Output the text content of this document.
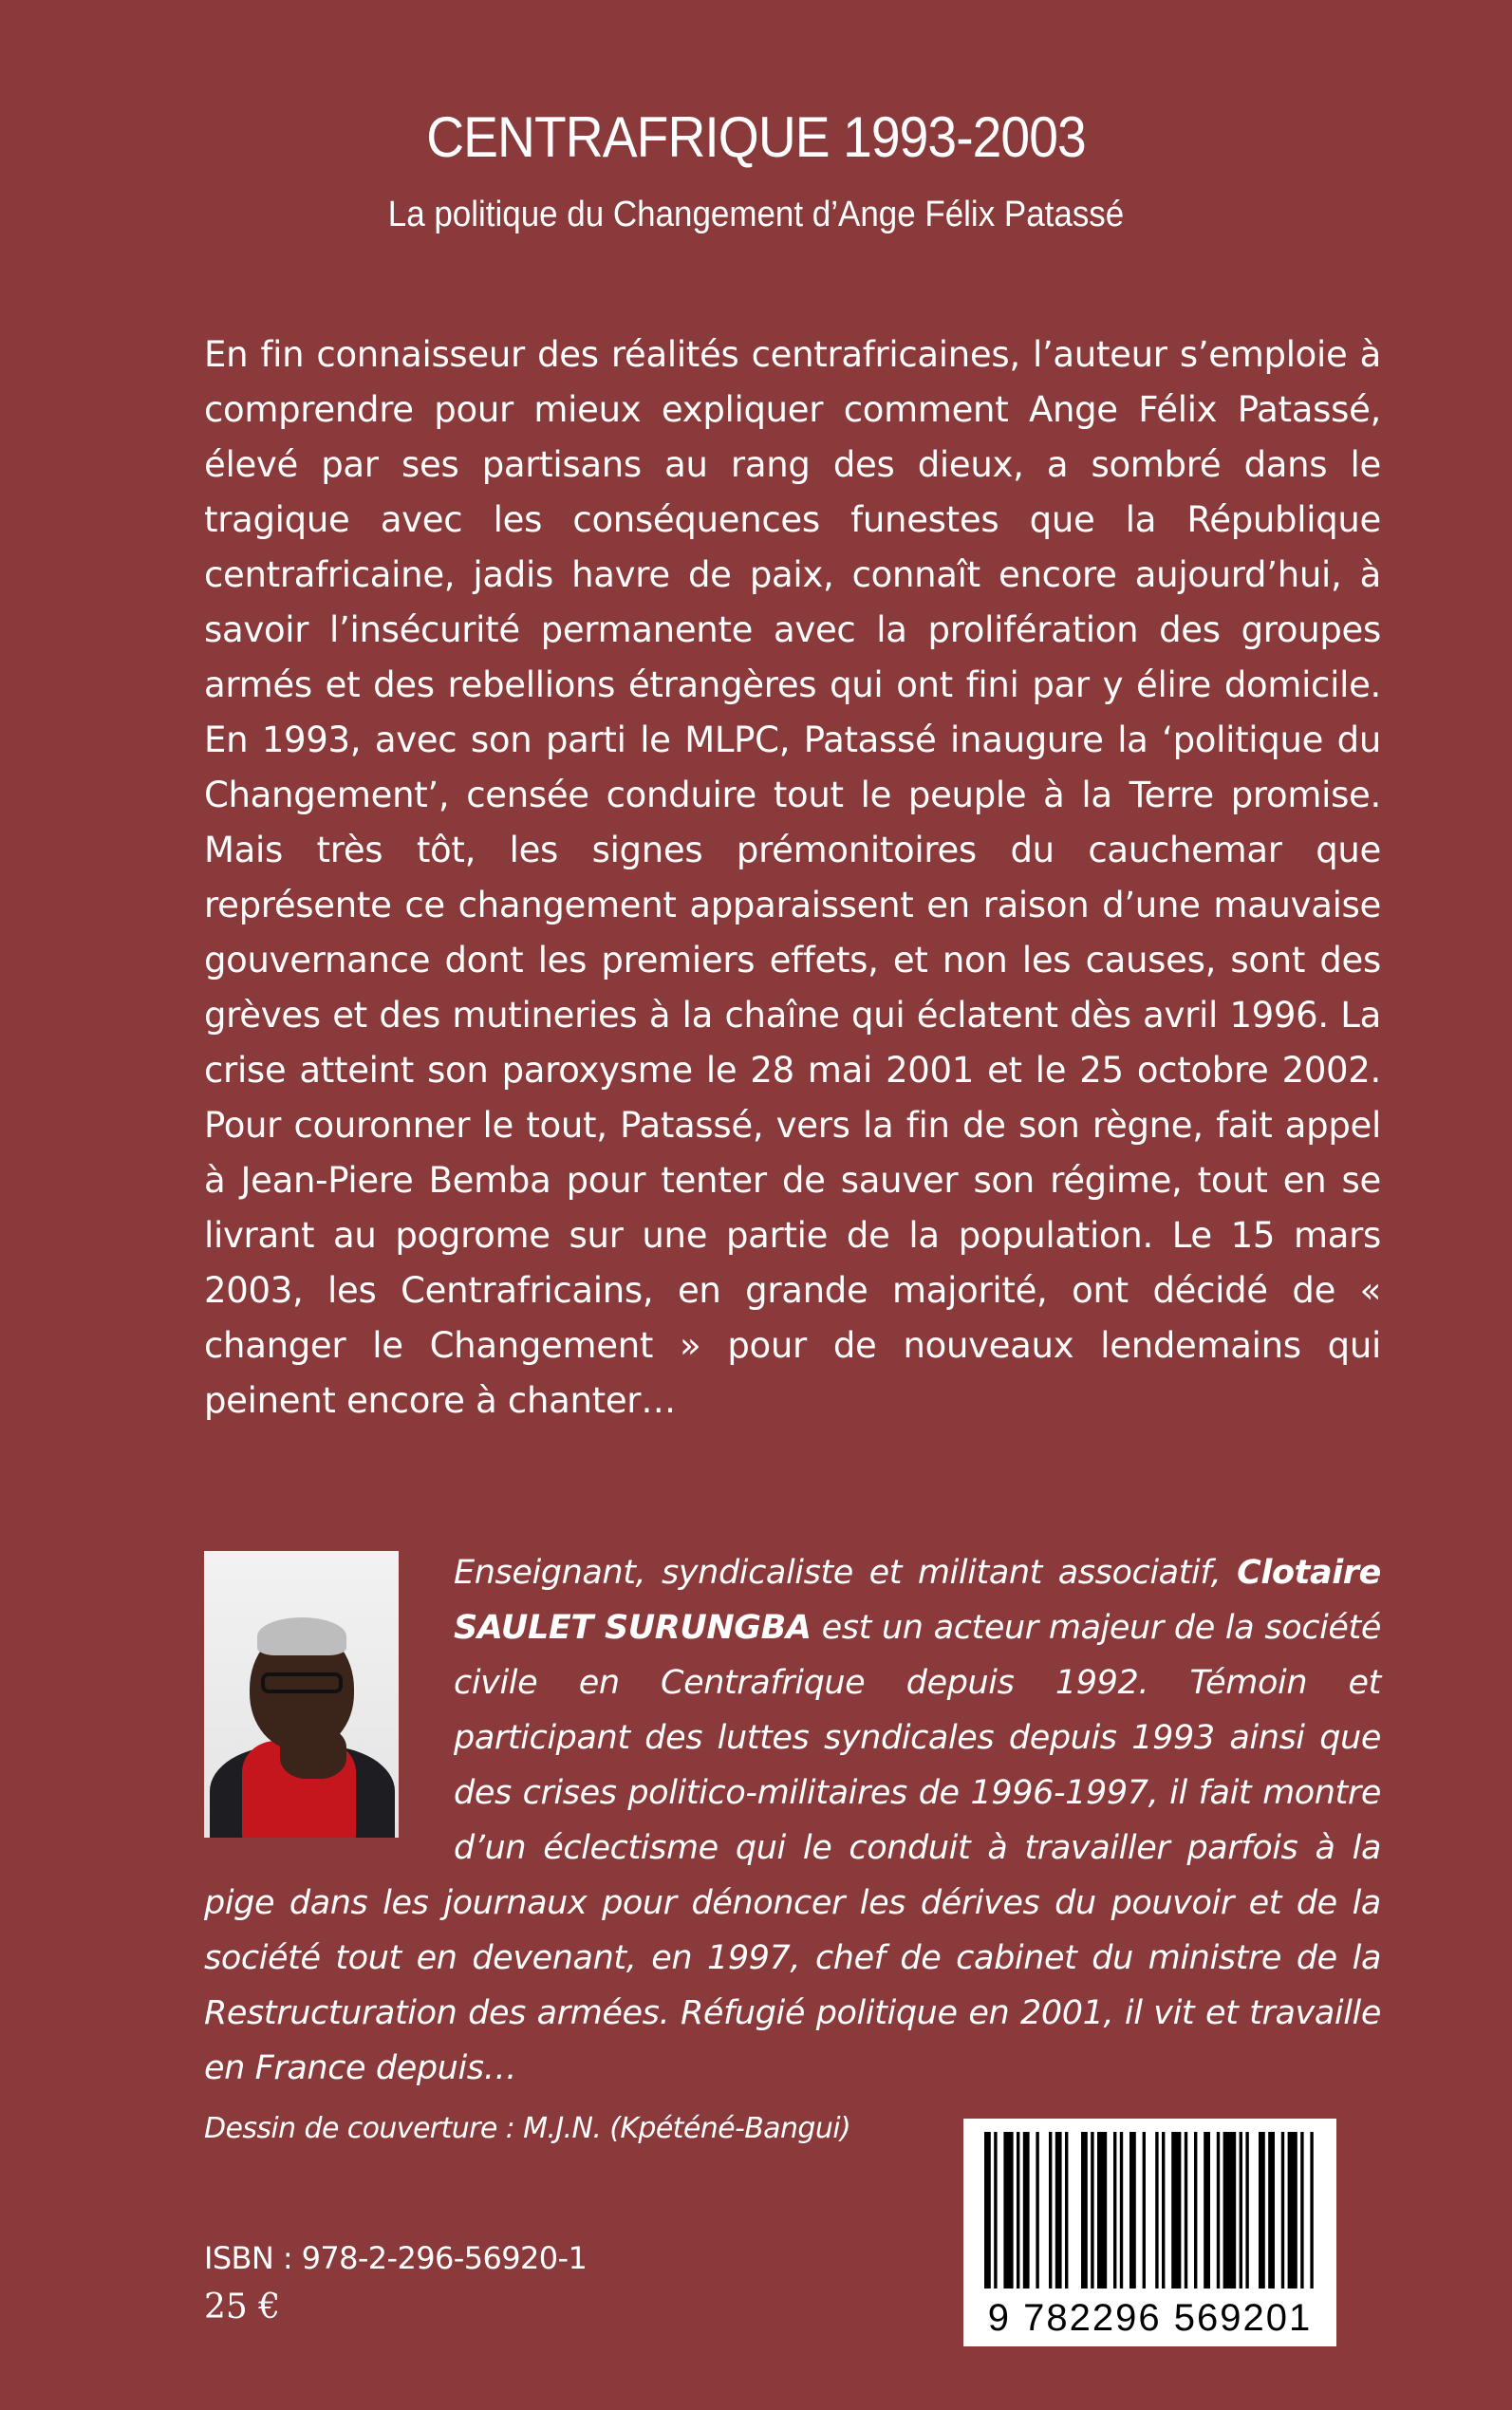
CENTRAFRIQUE 1993-2003
La politique du Changement d’Ange Félix Patassé
En fin connaisseur des réalités centrafricaines, l’auteur s’emploie à comprendre pour mieux expliquer comment Ange Félix Patassé, élevé par ses partisans au rang des dieux, a sombré dans le tragique avec les conséquences funestes que la République centrafricaine, jadis havre de paix, connaît encore aujourd’hui, à savoir l’insécurité permanente avec la prolifération des groupes armés et des rebellions étrangères qui ont fini par y élire domicile. En 1993, avec son parti le MLPC, Patassé inaugure la ‘politique du Changement’, censée conduire tout le peuple à la Terre promise. Mais très tôt, les signes prémonitoires du cauchemar que représente ce changement apparaissent en raison d’une mauvaise gouvernance dont les premiers effets, et non les causes, sont des grèves et des mutineries à la chaîne qui éclatent dès avril 1996. La crise atteint son paroxysme le 28 mai 2001 et le 25 octobre 2002. Pour couronner le tout, Patassé, vers la fin de son règne, fait appel à Jean-Piere Bemba pour tenter de sauver son régime, tout en se livrant au pogrome sur une partie de la population. Le 15 mars 2003, les Centrafricains, en grande majorité, ont décidé de « changer le Changement » pour de nouveaux lendemains qui peinent encore à chanter…
Enseignant, syndicaliste et militant associatif, Clotaire SAULET SURUNGBA est un acteur majeur de la société civile en Centrafrique depuis 1992. Témoin et participant des luttes syndicales depuis 1993 ainsi que des crises politico-militaires de 1996-1997, il fait montre d’un éclectisme qui le conduit à travailler parfois à la pige dans les journaux pour dénoncer les dérives du pouvoir et de la société tout en devenant, en 1997, chef de cabinet du ministre de la Restructuration des armées. Réfugié politique en 2001, il vit et travaille en France depuis…
Dessin de couverture : M.J.N. (Kpéténé-Bangui)
ISBN : 978-2-296-56920-1
25 €	9 782296 569201
